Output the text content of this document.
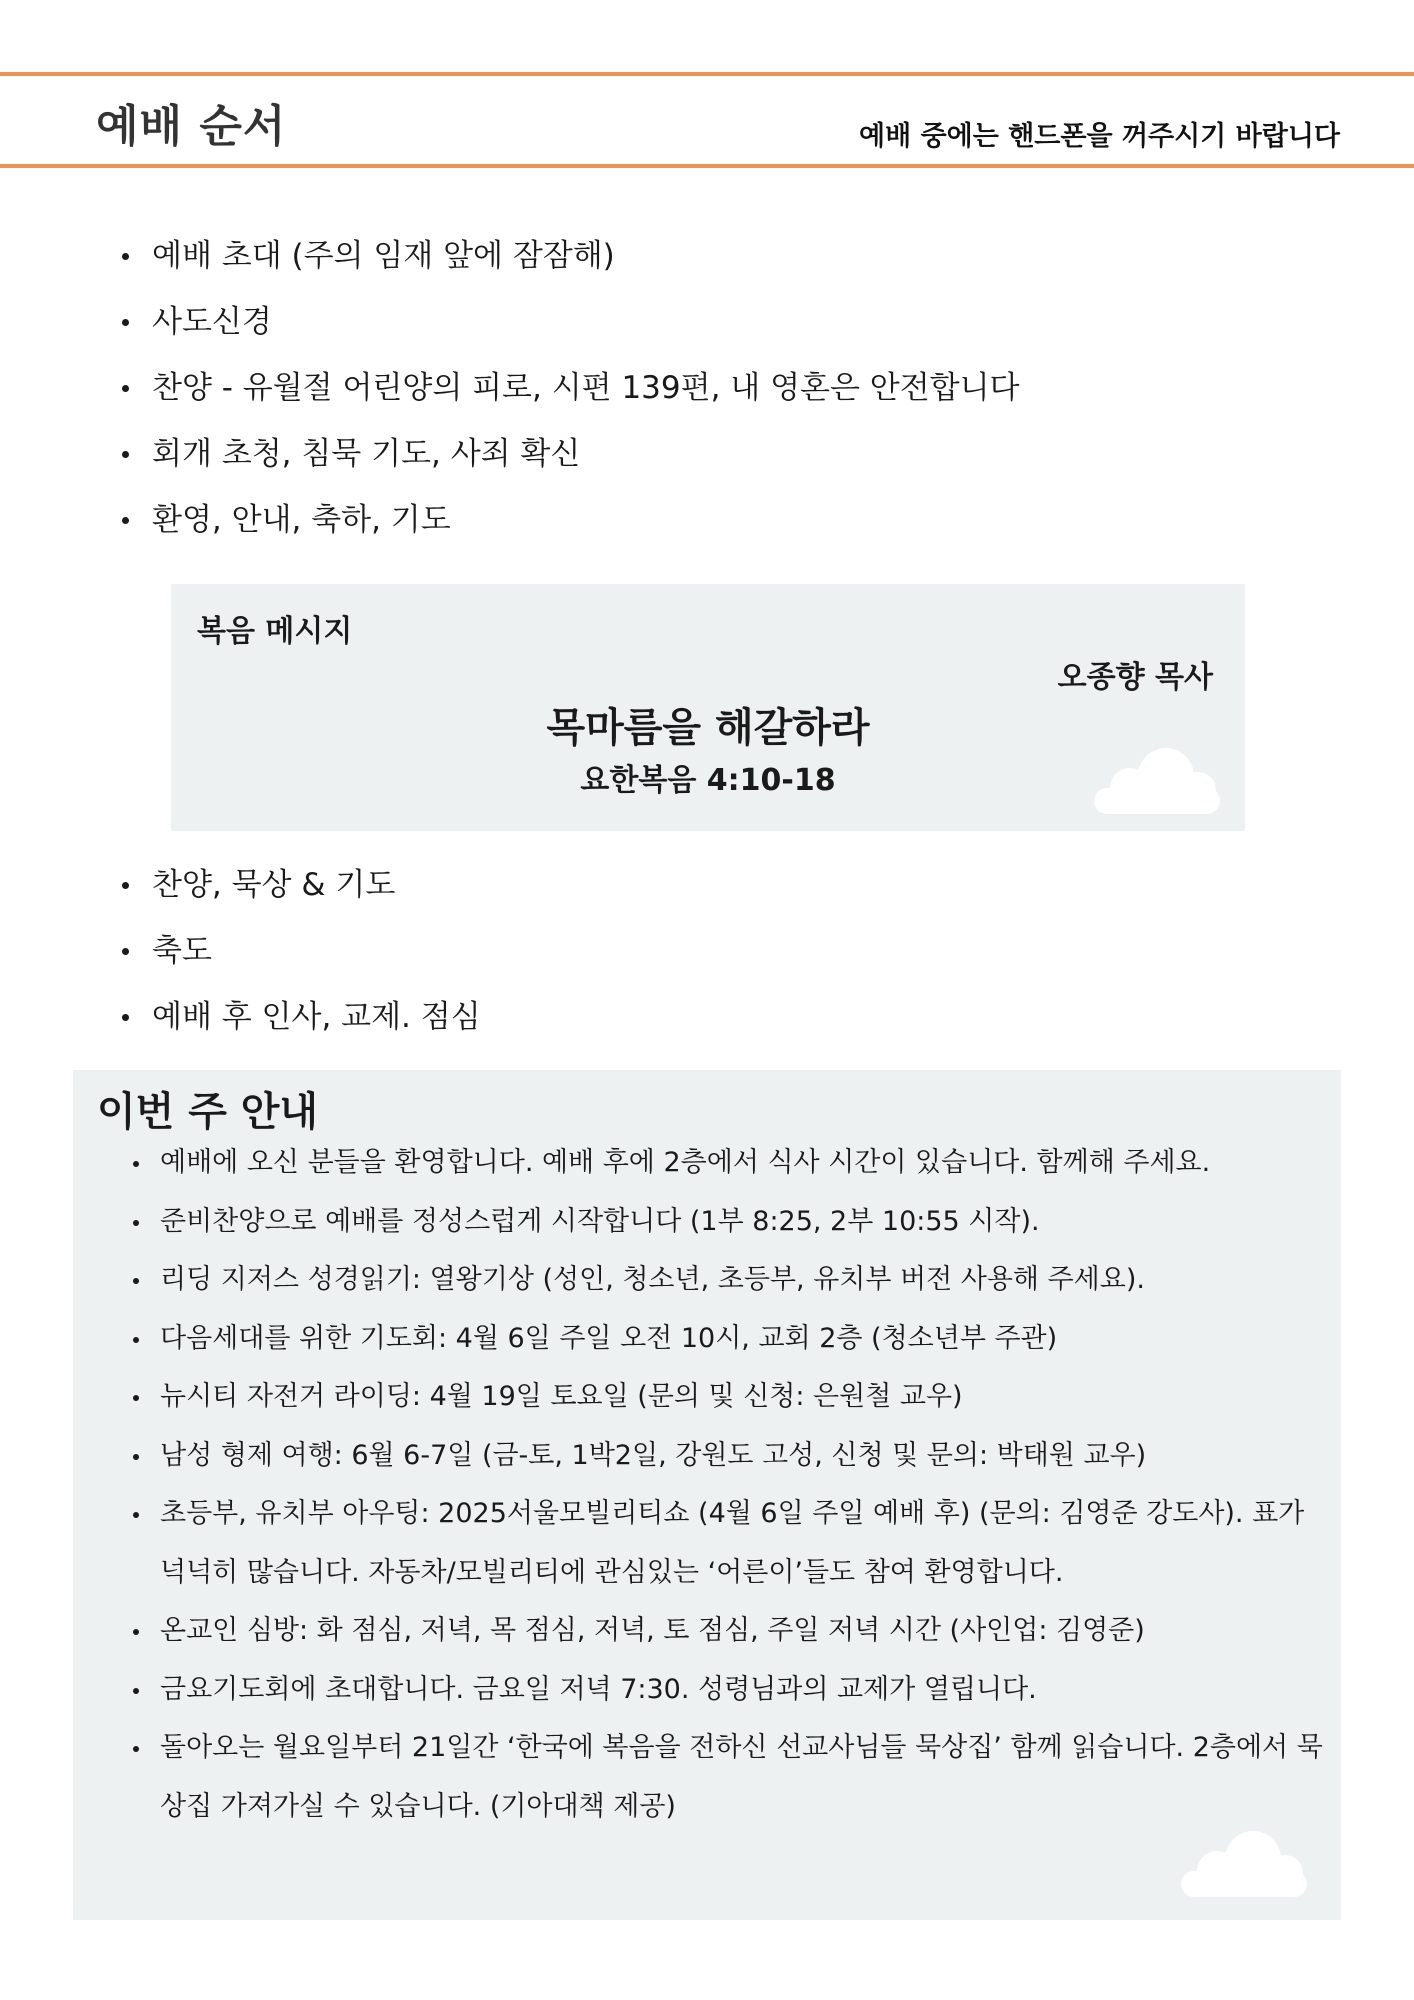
예배 순서	예배 중에는 핸드폰을 꺼주시기 바랍니다
예배 초대 (주의 임재 앞에 잠잠해)
사도신경
찬양 - 유월절 어린양의 피로, 시편 139편, 내 영혼은 안전합니다
회개 초청, 침묵 기도, 사죄 확신
환영, 안내, 축하, 기도
복음 메시지
오종향 목사
목마름을 해갈하라
요한복음 4:10-18
찬양, 묵상 & 기도
축도
예배 후 인사, 교제. 점심
이번 주 안내
예배에 오신 분들을 환영합니다. 예배 후에 2층에서 식사 시간이 있습니다. 함께해 주세요.
준비찬양으로 예배를 정성스럽게 시작합니다 (1부 8:25, 2부 10:55 시작).
리딩 지저스 성경읽기: 열왕기상 (성인, 청소년, 초등부, 유치부 버전 사용해 주세요).
다음세대를 위한 기도회: 4월 6일 주일 오전 10시, 교회 2층 (청소년부 주관)
뉴시티 자전거 라이딩: 4월 19일 토요일 (문의 및 신청: 은원철 교우)
남성 형제 여행: 6월 6-7일 (금-토, 1박2일, 강원도 고성, 신청 및 문의: 박태원 교우)
초등부, 유치부 아우팅: 2025서울모빌리티쇼 (4월 6일 주일 예배 후) (문의: 김영준 강도사). 표가 넉넉히 많습니다. 자동차/모빌리티에 관심있는 ‘어른이’들도 참여 환영합니다.
온교인 심방: 화 점심, 저녁, 목 점심, 저녁, 토 점심, 주일 저녁 시간 (사인업: 김영준)
금요기도회에 초대합니다. 금요일 저녁 7:30. 성령님과의 교제가 열립니다.
돌아오는 월요일부터 21일간 ‘한국에 복음을 전하신 선교사님들 묵상집’ 함께 읽습니다. 2층에서 묵상집 가져가실 수 있습니다. (기아대책 제공)
